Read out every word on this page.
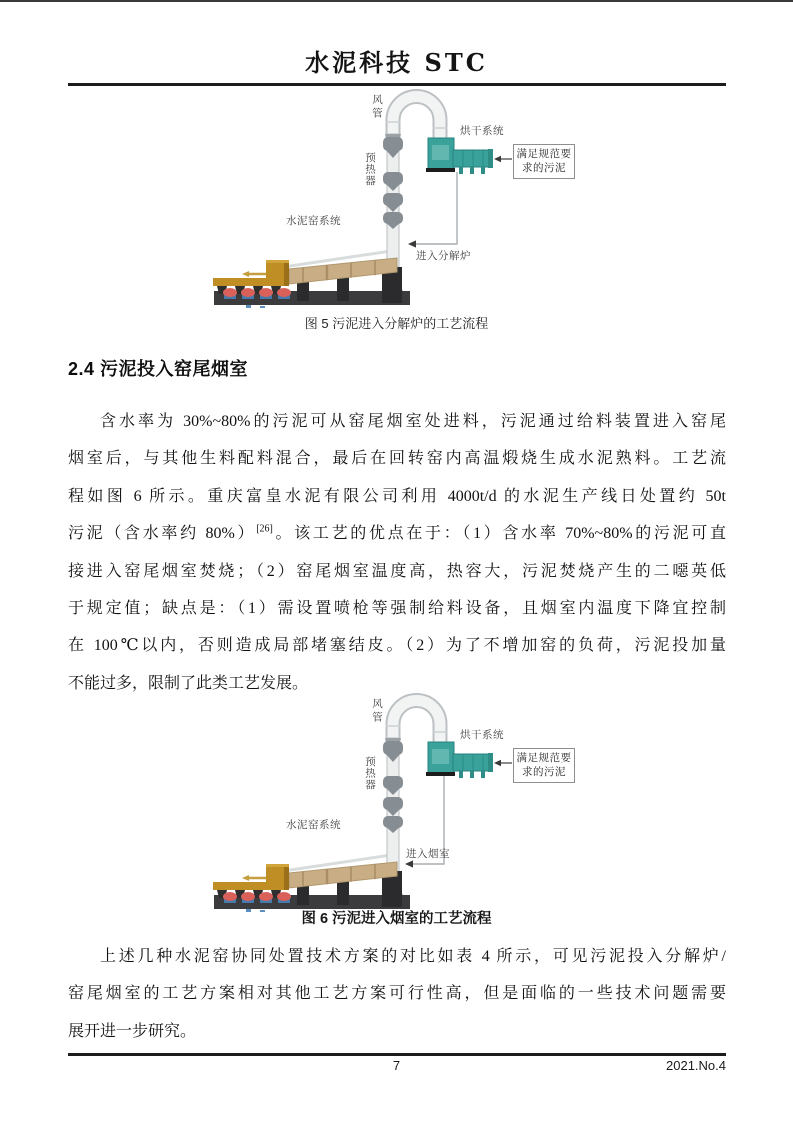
水泥科技 STC
风管
预热器
烘干系统
水泥窑系统
进入分解炉
满足规范要
求的污泥
图 5 污泥进入分解炉的工艺流程
2.4 污泥投入窑尾烟室
含水率为 30%~80%的污泥可从窑尾烟室处进料，污泥通过给料装置进入窑尾
烟室后，与其他生料配料混合，最后在回转窑内高温煅烧生成水泥熟料。工艺流
程如图 6 所示。重庆富皇水泥有限公司利用 4000t/d 的水泥生产线日处置约 50t
污泥（含水率约 80%）[26]。该工艺的优点在于：（1）含水率 70%~80%的污泥可直
接进入窑尾烟室焚烧；（2）窑尾烟室温度高，热容大，污泥焚烧产生的二噁英低
于规定值；缺点是：（1）需设置喷枪等强制给料设备，且烟室内温度下降宜控制
在 100℃以内，否则造成局部堵塞结皮。（2）为了不增加窑的负荷，污泥投加量
不能过多，限制了此类工艺发展。
风管
预热器
烘干系统
水泥窑系统
进入烟室
满足规范要
求的污泥
图 6 污泥进入烟室的工艺流程
上述几种水泥窑协同处置技术方案的对比如表 4 所示，可见污泥投入分解炉/
窑尾烟室的工艺方案相对其他工艺方案可行性高，但是面临的一些技术问题需要
展开进一步研究。
7	2021.No.4
